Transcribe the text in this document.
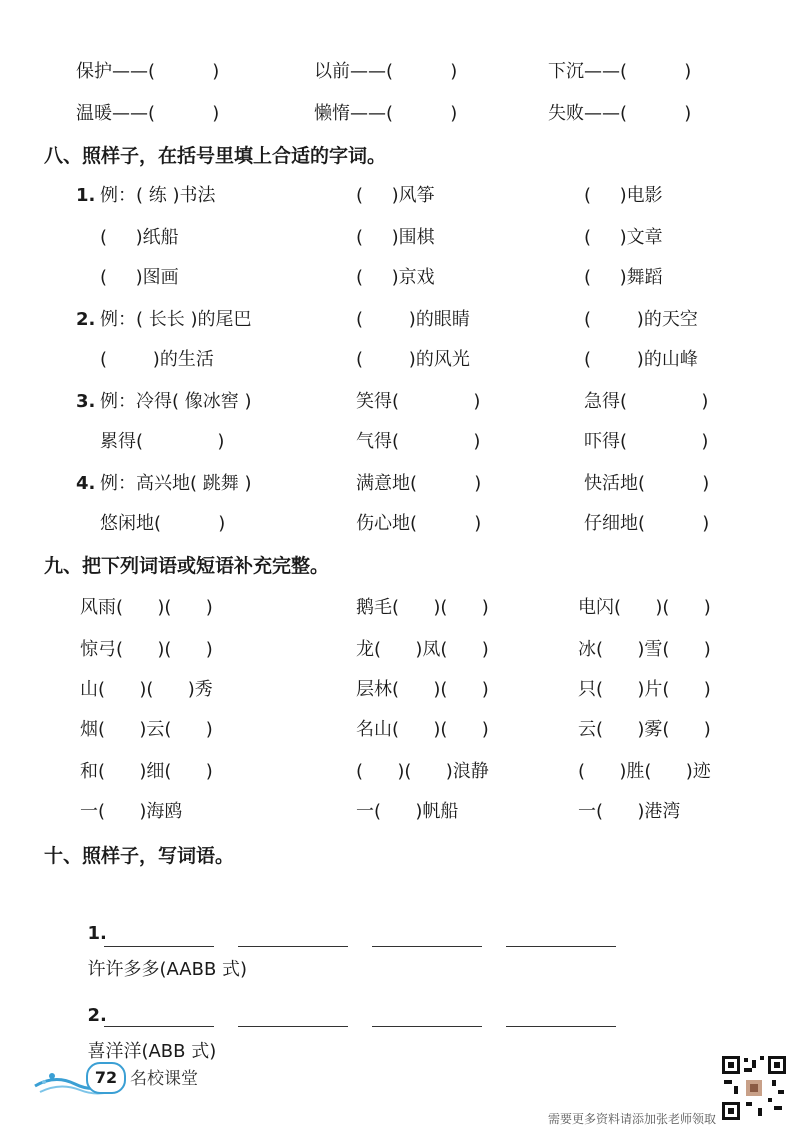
保护——(          )	以前——(          )	下沉——(          )
温暖——(          )	懒惰——(          )	失败——(          )
八、照样子，在括号里填上合适的字词。
1. 例：( 练 )书法	(     )风筝	(     )电影
(     )纸船	(     )围棋	(     )文章
(     )图画	(     )京戏	(     )舞蹈
2. 例：( 长长 )的尾巴	(        )的眼睛	(        )的天空
(        )的生活	(        )的风光	(        )的山峰
3. 例：冷得( 像冰窖 )	笑得(             )	急得(             )
累得(             )	气得(             )	吓得(             )
4. 例：高兴地( 跳舞 )	满意地(          )	快活地(          )
悠闲地(          )	伤心地(          )	仔细地(          )
九、把下列词语或短语补充完整。
风雨(      )(      )	鹅毛(      )(      )	电闪(      )(      )
惊弓(      )(      )	龙(      )凤(      )	冰(      )雪(      )
山(      )(      )秀	层林(      )(      )	只(      )片(      )
烟(      )云(      )	名山(      )(      )	云(      )雾(      )
和(      )细(      )	(      )(      )浪静	(      )胜(      )迹
一(      )海鸥	一(      )帆船	一(      )港湾
十、照样子，写词语。

1.
许许多多(AABB 式)

2.
喜洋洋(ABB 式)

72 名校课堂
需要更多资料请添加张老师领取
